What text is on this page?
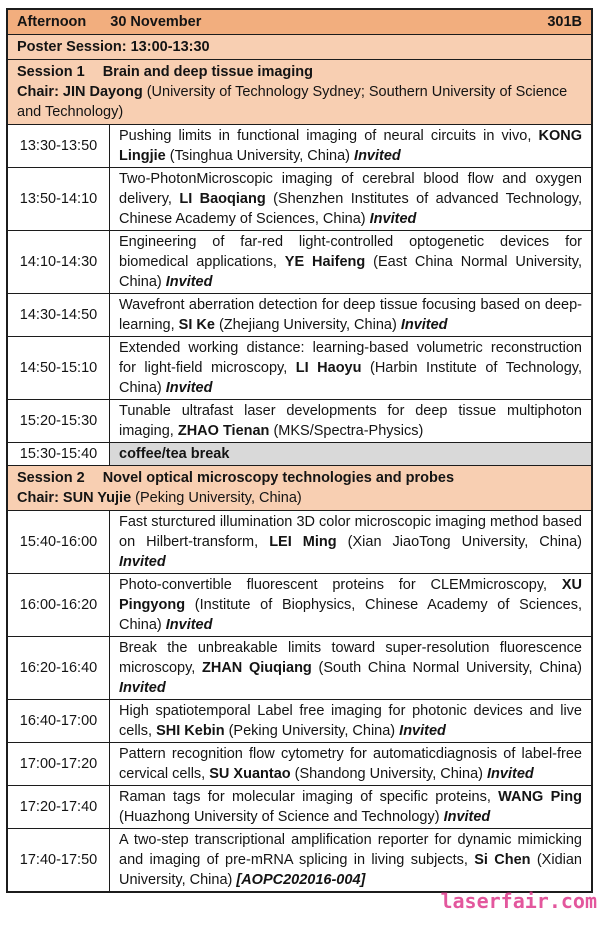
Afternoon 30 November	301B
Poster Session: 13:00-13:30
Session 1 Brain and deep tissue imaging
Chair: JIN Dayong (University of Technology Sydney; Southern University of Science and Technology)
13:30-13:50
Pushing limits in functional imaging of neural circuits in vivo, KONG Lingjie (Tsinghua University, China) Invited
13:50-14:10
Two-PhotonMicroscopic imaging of cerebral blood flow and oxygen delivery, LI Baoqiang (Shenzhen Institutes of advanced Technology, Chinese Academy of Sciences, China) Invited
14:10-14:30
Engineering of far-red light-controlled optogenetic devices for biomedical applications, YE Haifeng (East China Normal University, China) Invited
14:30-14:50
Wavefront aberration detection for deep tissue focusing based on deep-learning, SI Ke (Zhejiang University, China) Invited
14:50-15:10
Extended working distance: learning-based volumetric reconstruction for light-field microscopy, LI Haoyu (Harbin Institute of Technology, China) Invited
15:20-15:30
Tunable ultrafast laser developments for deep tissue multiphoton imaging, ZHAO Tienan (MKS/Spectra-Physics)
15:30-15:40	coffee/tea break
Session 2 Novel optical microscopy technologies and probes
Chair: SUN Yujie (Peking University, China)
15:40-16:00
Fast sturctured illumination 3D color microscopic imaging method based on Hilbert-transform, LEI Ming (Xian JiaoTong University, China) Invited
16:00-16:20
Photo-convertible fluorescent proteins for CLEMmicroscopy, XU Pingyong (Institute of Biophysics, Chinese Academy of Sciences, China) Invited
16:20-16:40
Break the unbreakable limits toward super-resolution fluorescence microscopy, ZHAN Qiuqiang (South China Normal University, China) Invited
16:40-17:00
High spatiotemporal Label free imaging for photonic devices and live cells, SHI Kebin (Peking University, China) Invited
17:00-17:20
Pattern recognition flow cytometry for automaticdiagnosis of label-free cervical cells, SU Xuantao (Shandong University, China) Invited
17:20-17:40
Raman tags for molecular imaging of specific proteins, WANG Ping (Huazhong University of Science and Technology) Invited
17:40-17:50
A two-step transcriptional amplification reporter for dynamic mimicking and imaging of pre-mRNA splicing in living subjects, Si Chen (Xidian University, China) [AOPC202016-004]
laserfair.com
